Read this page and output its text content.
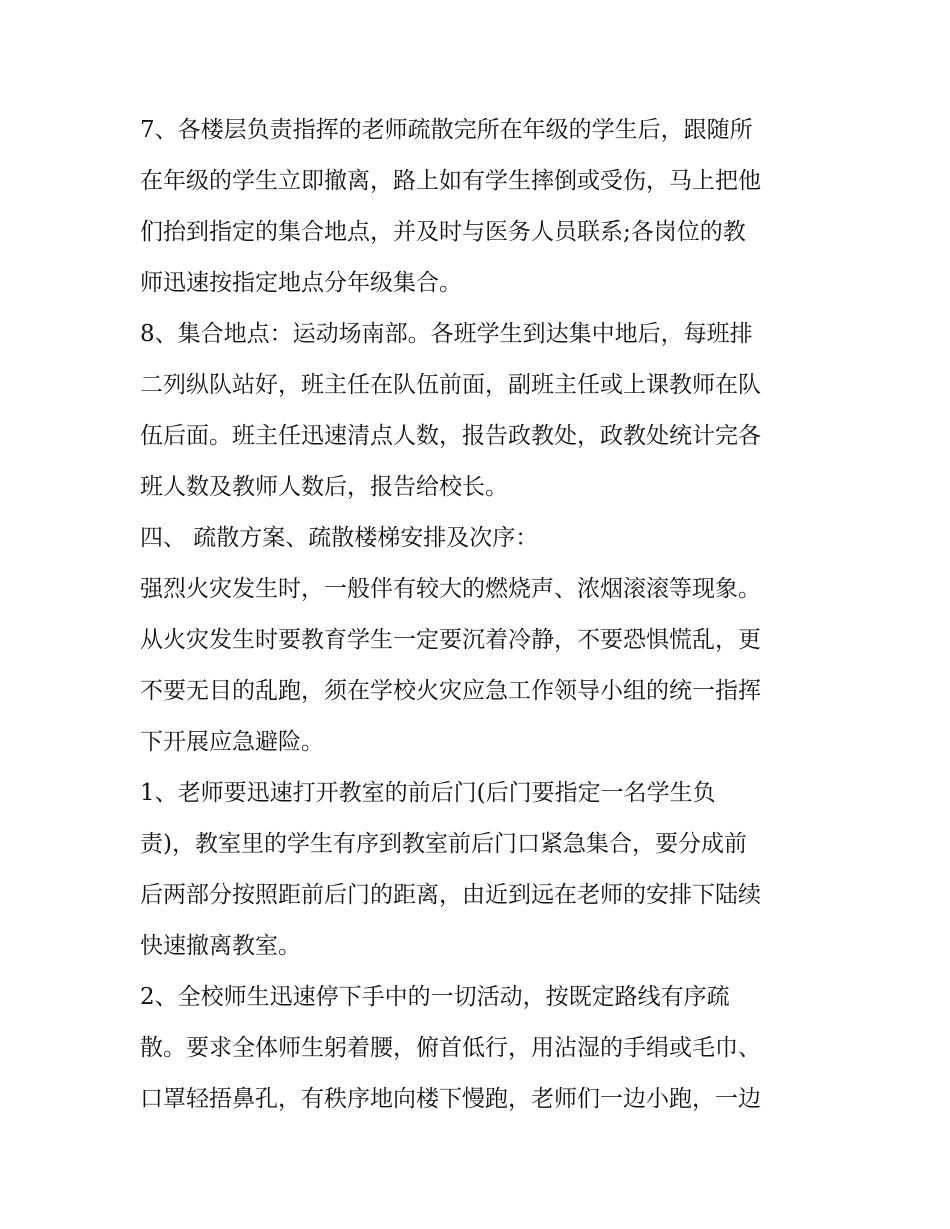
7、各楼层负责指挥的老师疏散完所在年级的学生后，跟随所
在年级的学生立即撤离，路上如有学生摔倒或受伤，马上把他
们抬到指定的集合地点，并及时与医务人员联系;各岗位的教
师迅速按指定地点分年级集合。
8、集合地点：运动场南部。各班学生到达集中地后，每班排
二列纵队站好，班主任在队伍前面，副班主任或上课教师在队
伍后面。班主任迅速清点人数，报告政教处，政教处统计完各
班人数及教师人数后，报告给校长。
四、 疏散方案、疏散楼梯安排及次序：
强烈火灾发生时，一般伴有较大的燃烧声、浓烟滚滚等现象。
从火灾发生时要教育学生一定要沉着冷静，不要恐惧慌乱，更
不要无目的乱跑，须在学校火灾应急工作领导小组的统一指挥
下开展应急避险。
1、老师要迅速打开教室的前后门(后门要指定一名学生负
责)，教室里的学生有序到教室前后门口紧急集合，要分成前
后两部分按照距前后门的距离，由近到远在老师的安排下陆续
快速撤离教室。
2、全校师生迅速停下手中的一切活动，按既定路线有序疏
散。要求全体师生躬着腰，俯首低行，用沾湿的手绢或毛巾、
口罩轻捂鼻孔，有秩序地向楼下慢跑，老师们一边小跑，一边
